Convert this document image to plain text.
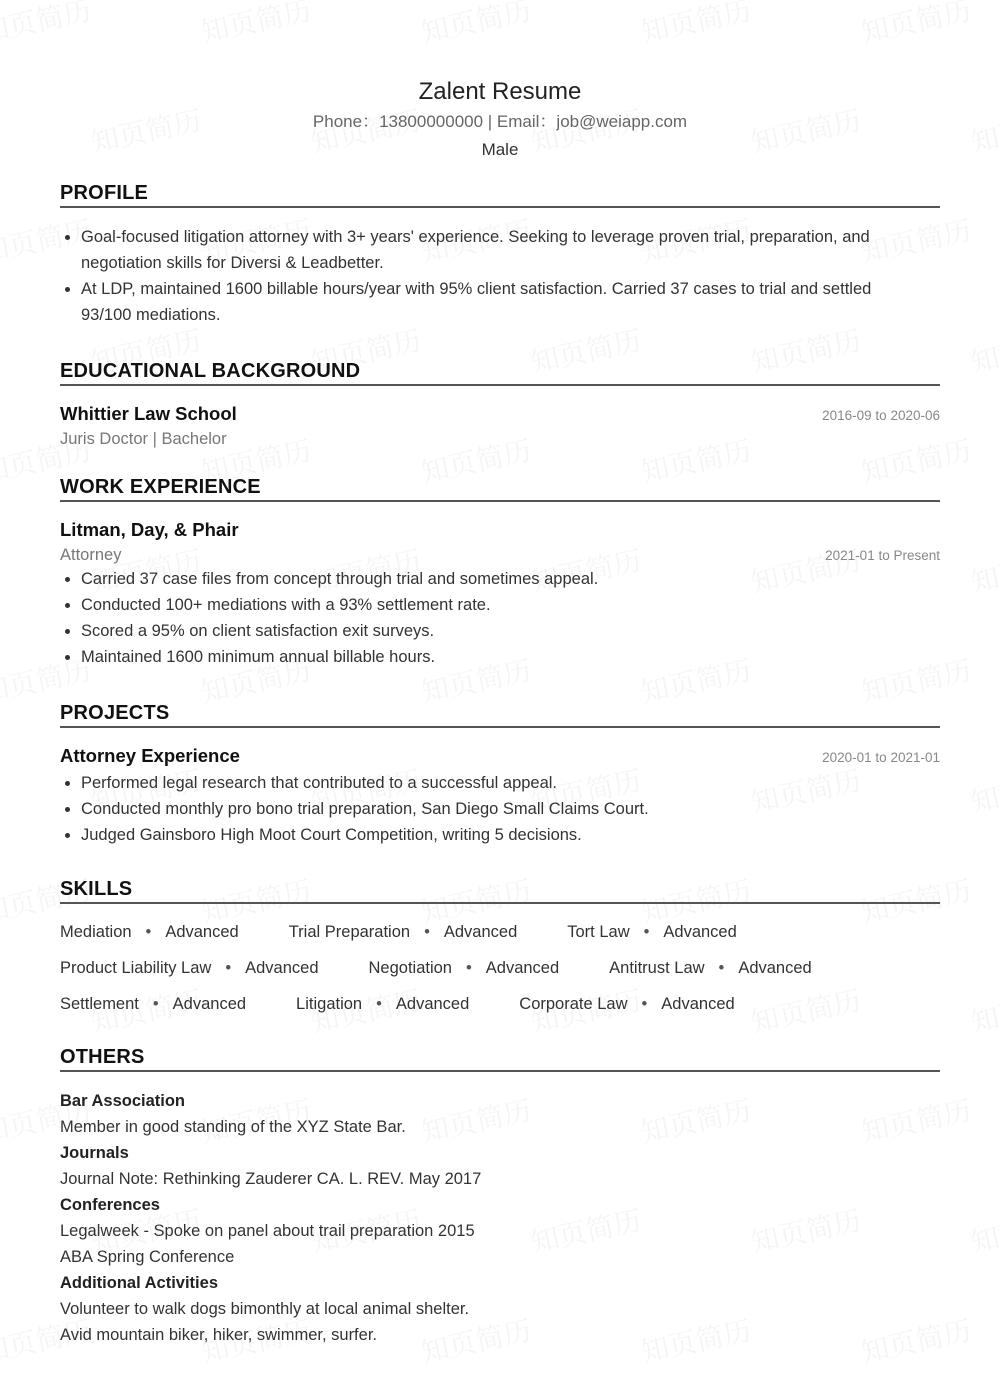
Zalent Resume
Phone：13800000000 | Email：job@weiapp.com
Male
PROFILE
Goal-focused litigation attorney with 3+ years' experience. Seeking to leverage proven trial, preparation, and negotiation skills for Diversi & Leadbetter.
At LDP, maintained 1600 billable hours/year with 95% client satisfaction. Carried 37 cases to trial and settled 93/100 mediations.
EDUCATIONAL BACKGROUND
Whittier Law School	2016-09 to 2020-06
Juris Doctor | Bachelor
WORK EXPERIENCE
Litman, Day, & Phair
Attorney	2021-01 to Present
Carried 37 case files from concept through trial and sometimes appeal.
Conducted 100+ mediations with a 93% settlement rate.
Scored a 95% on client satisfaction exit surveys.
Maintained 1600 minimum annual billable hours.
PROJECTS
Attorney Experience	2020-01 to 2021-01
Performed legal research that contributed to a successful appeal.
Conducted monthly pro bono trial preparation, San Diego Small Claims Court.
Judged Gainsboro High Moot Court Competition, writing 5 decisions.
SKILLS
Mediation • Advanced	Trial Preparation • Advanced	Tort Law • Advanced
Product Liability Law • Advanced	Negotiation • Advanced	Antitrust Law • Advanced
Settlement • Advanced	Litigation • Advanced	Corporate Law • Advanced
OTHERS
Bar Association
Member in good standing of the XYZ State Bar.
Journals
Journal Note: Rethinking Zauderer CA. L. REV. May 2017
Conferences
Legalweek - Spoke on panel about trail preparation 2015
ABA Spring Conference
Additional Activities
Volunteer to walk dogs bimonthly at local animal shelter.
Avid mountain biker, hiker, swimmer, surfer.
